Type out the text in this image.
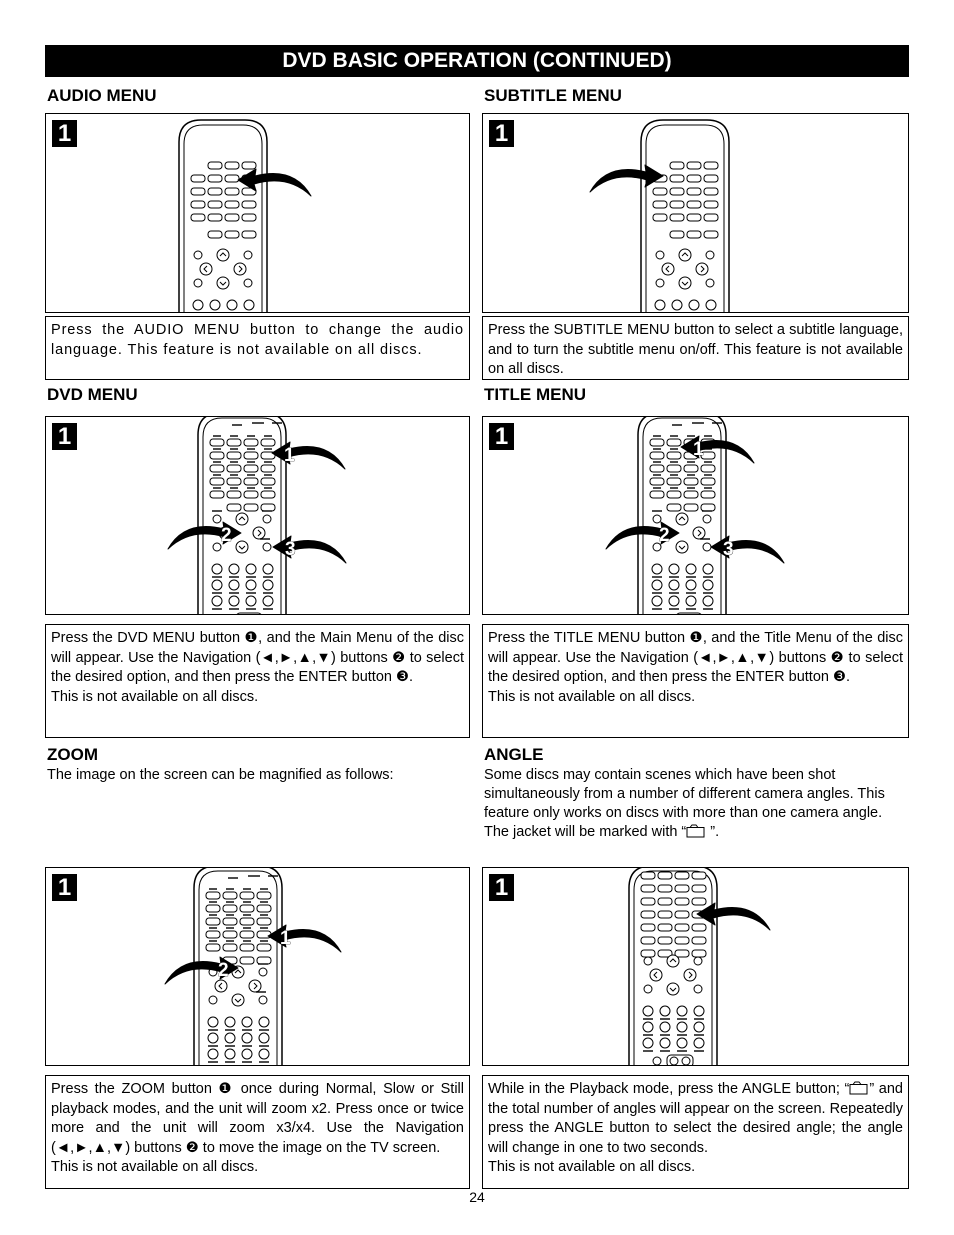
DVD BASIC OPERATION (CONTINUED)
AUDIO MENU
1
Press the AUDIO MENU button to change the audio language. This feature is not available on all discs.
SUBTITLE MENU
1
Press the SUBTITLE MENU button to select a subtitle language, and to turn the subtitle menu on/off. This feature is not available on all discs.
DVD MENU
1
1
2
3
Press the DVD MENU button ❶, and the Main Menu of the disc will appear. Use the Navigation (◄,►,▲,▼) buttons ❷ to select the desired option, and then press the ENTER button ❸.
This is not available on all discs.
TITLE MENU
1	1
2
3
Press the TITLE MENU button ❶, and the Title Menu of the disc will appear. Use the Navigation (◄,►,▲,▼) buttons ❷ to select the desired option, and then press the ENTER button ❸.
This is not available on all discs.
ZOOM
The image on the screen can be magnified as follows:
1
1
2
Press the ZOOM button ❶ once during Normal, Slow or Still playback modes, and the unit will zoom x2. Press once or twice more and the unit will zoom x3/x4. Use the Navigation (◄,►,▲,▼) buttons ❷ to move the image on the TV screen.
This is not available on all discs.
ANGLE
Some discs may contain scenes which have been shot simultaneously from a number of different camera angles. This feature only works on discs with more than one camera angle. The jacket will be marked with “ ”.
1
While in the Playback mode, press the ANGLE button; “ ” and the total number of angles will appear on the screen. Repeatedly press the ANGLE button to select the desired angle; the angle will change in one to two seconds.
This is not available on all discs.
24
